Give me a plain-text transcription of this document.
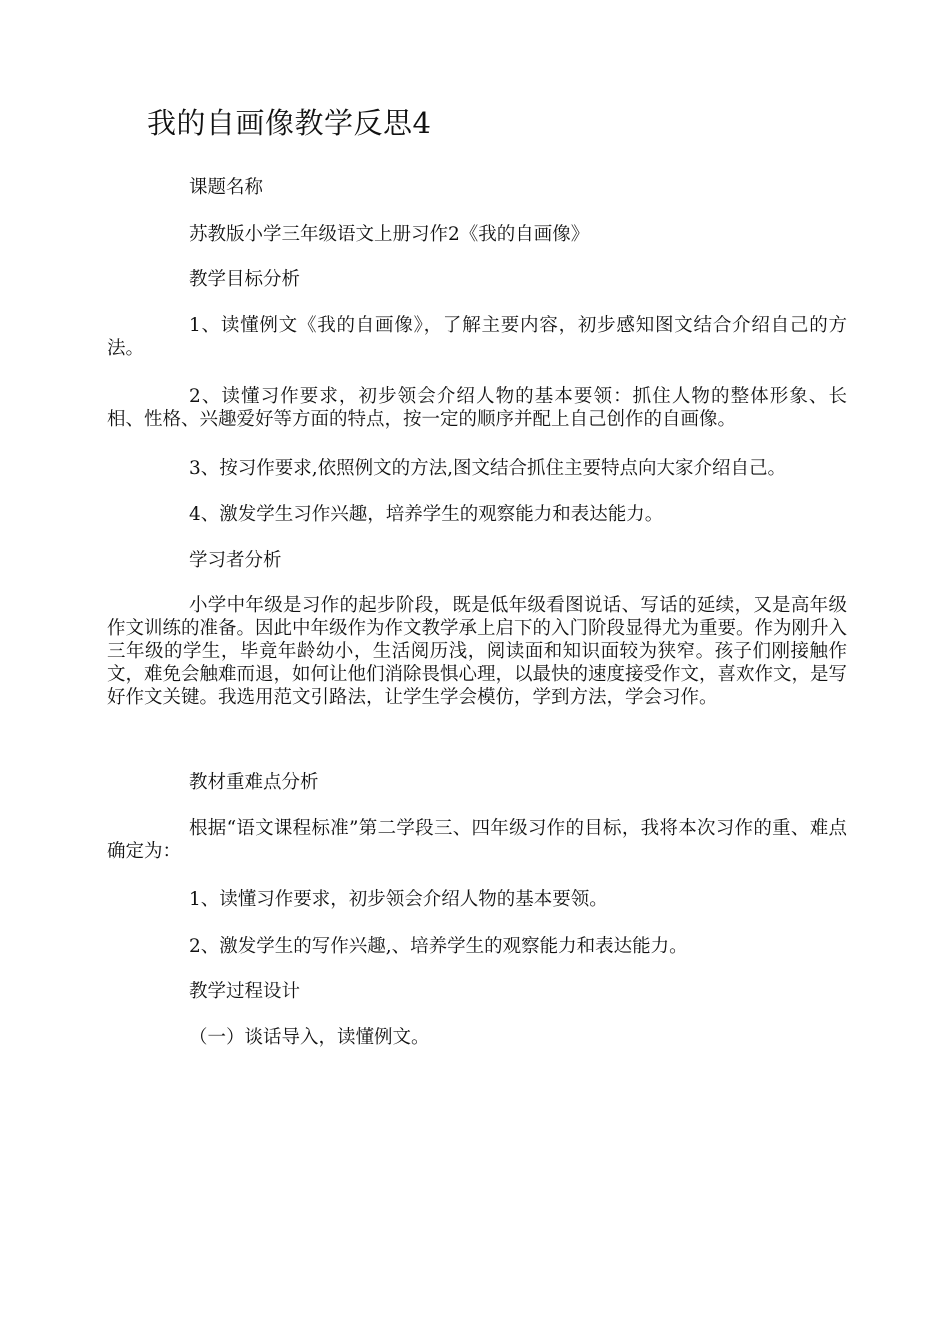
我的自画像教学反思4
课题名称
苏教版小学三年级语文上册习作2《我的自画像》
教学目标分析
1、读懂例文《我的自画像》，了解主要内容，初步感知图文结合介绍自己的方法。
2、读懂习作要求，初步领会介绍人物的基本要领：抓住人物的整体形象、长相、性格、兴趣爱好等方面的特点，按一定的顺序并配上自己创作的自画像。
3、按习作要求,依照例文的方法,图文结合抓住主要特点向大家介绍自己。
4、激发学生习作兴趣，培养学生的观察能力和表达能力。
学习者分析
小学中年级是习作的起步阶段，既是低年级看图说话、写话的延续，又是高年级作文训练的准备。因此中年级作为作文教学承上启下的入门阶段显得尤为重要。作为刚升入三年级的学生，毕竟年龄幼小，生活阅历浅，阅读面和知识面较为狭窄。孩子们刚接触作文，难免会触难而退，如何让他们消除畏惧心理，以最快的速度接受作文，喜欢作文，是写好作文关键。我选用范文引路法，让学生学会模仿，学到方法，学会习作。
教材重难点分析
根据“语文课程标准”第二学段三、四年级习作的目标，我将本次习作的重、难点确定为：
1、读懂习作要求，初步领会介绍人物的基本要领。
2、激发学生的写作兴趣,、培养学生的观察能力和表达能力。
教学过程设计
（一）谈话导入，读懂例文。
